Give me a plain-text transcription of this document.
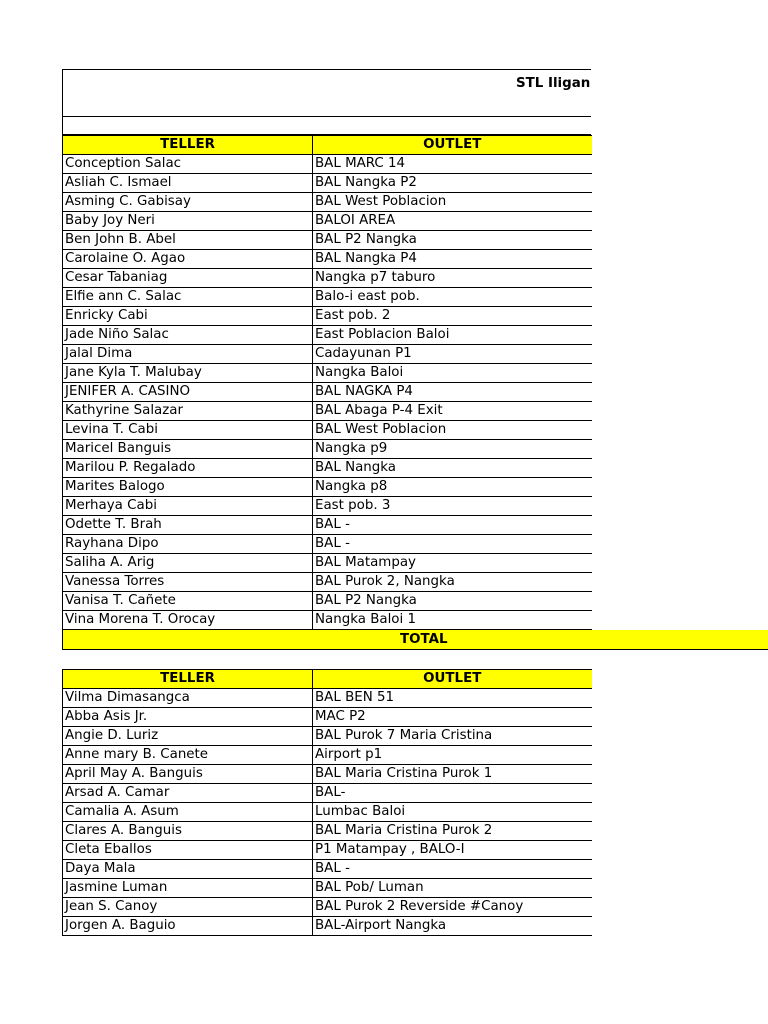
STL Iligan
TELLER	OUTLET
Conception Salac	BAL MARC 14
Asliah C. Ismael	BAL Nangka P2
Asming C. Gabisay	BAL West Poblacion
Baby Joy Neri	BALOI AREA
Ben John B. Abel	BAL P2 Nangka
Carolaine O. Agao	BAL Nangka P4
Cesar Tabaniag	Nangka p7 taburo
Elfie ann C. Salac	Balo-i east pob.
Enricky Cabi	East pob. 2
Jade Niño Salac	East Poblacion Baloi
Jalal Dima	Cadayunan P1
Jane Kyla T. Malubay	Nangka Baloi
JENIFER A. CASINO	BAL NAGKA P4
Kathyrine Salazar	BAL Abaga P-4 Exit
Levina T. Cabi	BAL West Poblacion
Maricel Banguis	Nangka p9
Marilou P. Regalado	BAL Nangka
Marites Balogo	Nangka p8
Merhaya Cabi	East pob. 3
Odette T. Brah	BAL -
Rayhana Dipo	BAL -
Saliha A. Arig	BAL Matampay
Vanessa Torres	BAL Purok 2, Nangka
Vanisa T. Cañete	BAL P2 Nangka
Vina Morena T. Orocay	Nangka Baloi 1
TOTAL
TELLER	OUTLET
Vilma Dimasangca	BAL BEN 51
Abba Asis Jr.	MAC P2
Angie D. Luriz	BAL Purok 7 Maria Cristina
Anne mary B. Canete	Airport p1
April May A. Banguis	BAL Maria Cristina Purok 1
Arsad A. Camar	BAL-
Camalia A. Asum	Lumbac Baloi
Clares A. Banguis	BAL Maria Cristina Purok 2
Cleta Eballos	P1 Matampay , BALO-I
Daya Mala	BAL -
Jasmine Luman	BAL Pob/ Luman
Jean S. Canoy	BAL Purok 2 Reverside #Canoy
Jorgen A. Baguio	BAL-Airport Nangka
